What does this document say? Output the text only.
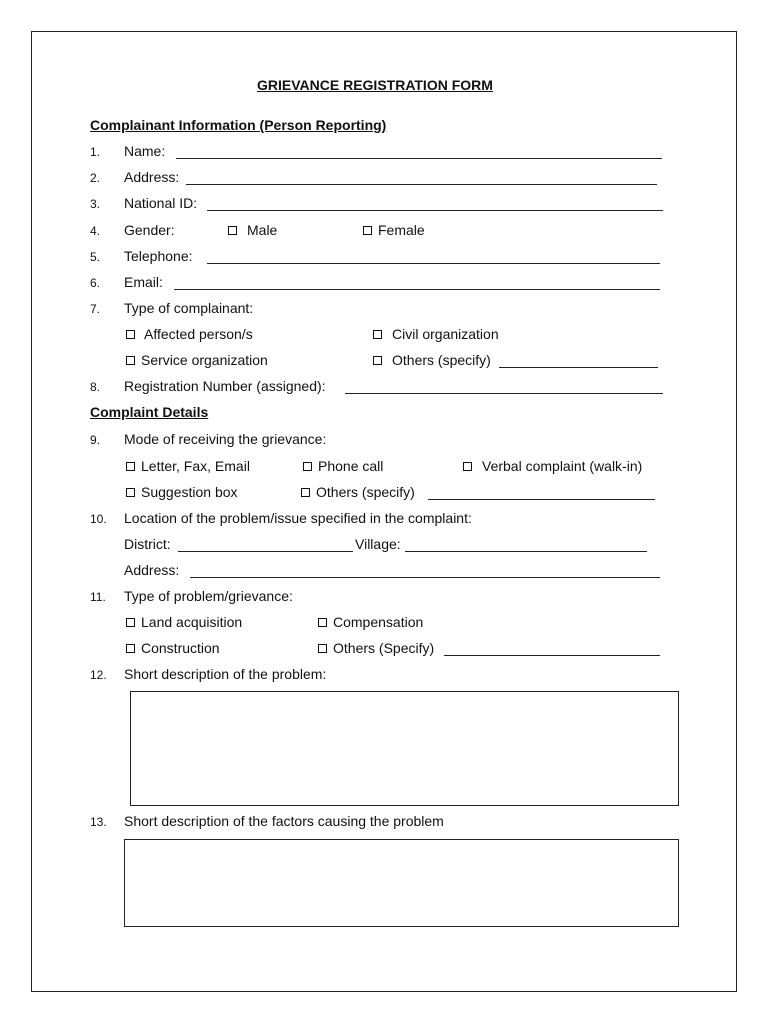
GRIEVANCE REGISTRATION FORM
Complainant Information (Person Reporting)
1. Name:
2. Address:
3. National ID:
4. Gender:	Male	Female
5. Telephone:
6. Email:
7. Type of complainant:
Affected person/s	Civil organization
Service organization	Others (specify)
8. Registration Number (assigned):
Complaint Details
9. Mode of receiving the grievance:
Letter, Fax, Email	Phone call	Verbal complaint (walk-in)
Suggestion box	Others (specify)
10. Location of the problem/issue specified in the complaint:
District:	Village:
Address:
11. Type of problem/grievance:
Land acquisition	Compensation
Construction	Others (Specify)
12. Short description of the problem:
13. Short description of the factors causing the problem
